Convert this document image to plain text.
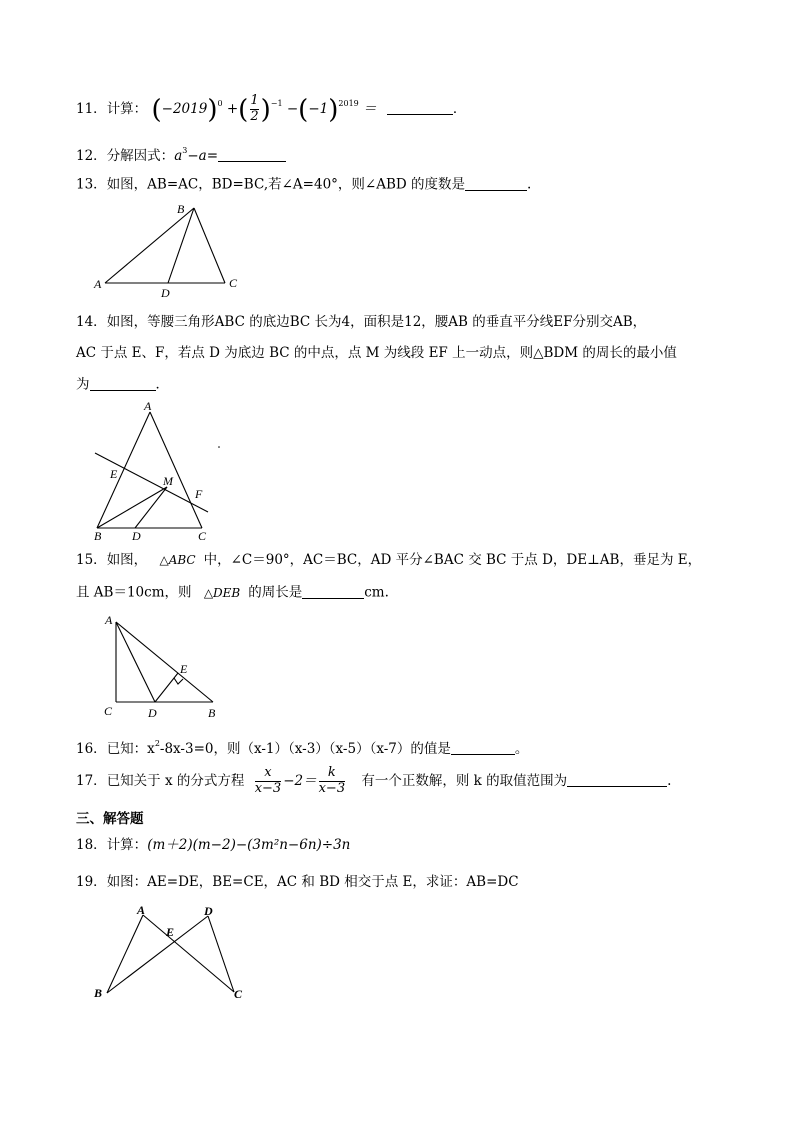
11．计算： $(-2019)^0$ +( $\frac{1}{2} )^{-1} -(-1)^{2019}$ ＝	．
12．分解因式：$a^3-a=$
13．如图，AB=AC，BD=BC,若∠A=40°，则∠ABD 的度数是	.
B
A
D
C
14．如图，等腰三角形ABC 的底边BC 长为4，面积是12，腰AB 的垂直平分线EF分别交AB，
AC 于点 E、F，若点 D 为底边 BC 的中点，点 M 为线段 EF 上一动点，则△BDM 的周长的最小值
为	．
A
E	M
F
B	D	C
15．如图， △ABC 中，∠C＝90°，AC＝BC，AD 平分∠BAC 交 BC 于点 D，DE⊥AB，垂足为 E，
且 AB＝10cm，则 △DEB 的周长是	cm.
A
E
C	D	B
16．已知：$x^2-8x-3=0$，则（x-1）（x-3）（x-5）（x-7）的值是	。
17．已知关于 x 的分式方程 $\frac{x}{x-3} -2= \frac{k}{x-3}$ 有一个正数解，则 k 的取值范围为	.
三、解答题
18．计算：(m＋2)(m−2)−(3m²n−6n)÷3n
19．如图：AE=DE，BE=CE，AC 和 BD 相交于点 E，求证：AB=DC
A
E
D
B	C
